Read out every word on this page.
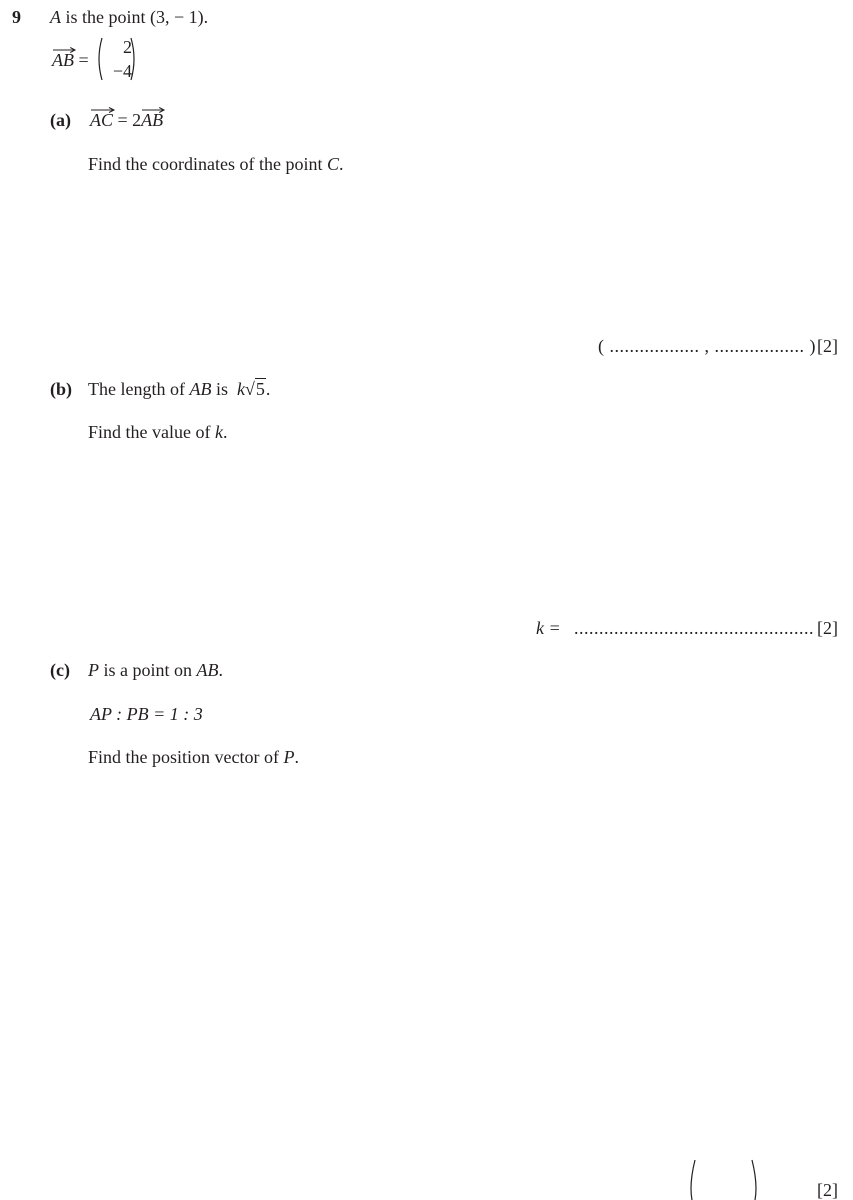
9 A is the point (3, − 1).
AB =
2
−4
(a) AC = 2
AB
Find the coordinates of the point C.
( .................. , .................. ) [2]
(b) The length of AB is k√5.
Find the value of k.
k = ................................................ [2]
(c) P is a point on AB.
AP : PB = 1 : 3
Find the position vector of P.
[2]
